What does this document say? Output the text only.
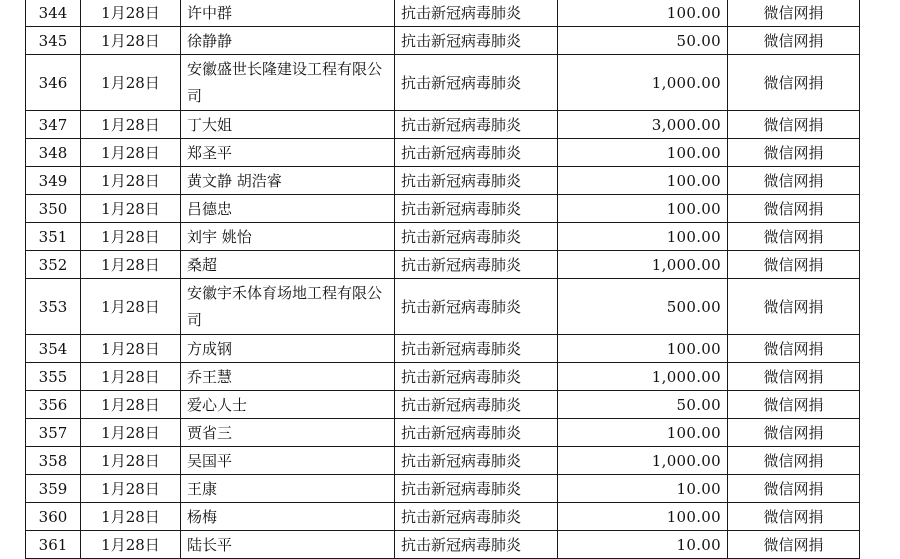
344	1月28日	许中群	抗击新冠病毒肺炎	100.00	微信网捐
345	1月28日	徐静静	抗击新冠病毒肺炎	50.00	微信网捐
346	1月28日	安徽盛世长隆建设工程有限公司	抗击新冠病毒肺炎	1,000.00	微信网捐
347	1月28日	丁大姐	抗击新冠病毒肺炎	3,000.00	微信网捐
348	1月28日	郑圣平	抗击新冠病毒肺炎	100.00	微信网捐
349	1月28日	黄文静 胡浩睿	抗击新冠病毒肺炎	100.00	微信网捐
350	1月28日	吕德忠	抗击新冠病毒肺炎	100.00	微信网捐
351	1月28日	刘宇 姚怡	抗击新冠病毒肺炎	100.00	微信网捐
352	1月28日	桑超	抗击新冠病毒肺炎	1,000.00	微信网捐
353	1月28日	安徽宇禾体育场地工程有限公司	抗击新冠病毒肺炎	500.00	微信网捐
354	1月28日	方成钢	抗击新冠病毒肺炎	100.00	微信网捐
355	1月28日	乔王慧	抗击新冠病毒肺炎	1,000.00	微信网捐
356	1月28日	爱心人士	抗击新冠病毒肺炎	50.00	微信网捐
357	1月28日	贾省三	抗击新冠病毒肺炎	100.00	微信网捐
358	1月28日	吴国平	抗击新冠病毒肺炎	1,000.00	微信网捐
359	1月28日	王康	抗击新冠病毒肺炎	10.00	微信网捐
360	1月28日	杨梅	抗击新冠病毒肺炎	100.00	微信网捐
361	1月28日	陆长平	抗击新冠病毒肺炎	10.00	微信网捐
